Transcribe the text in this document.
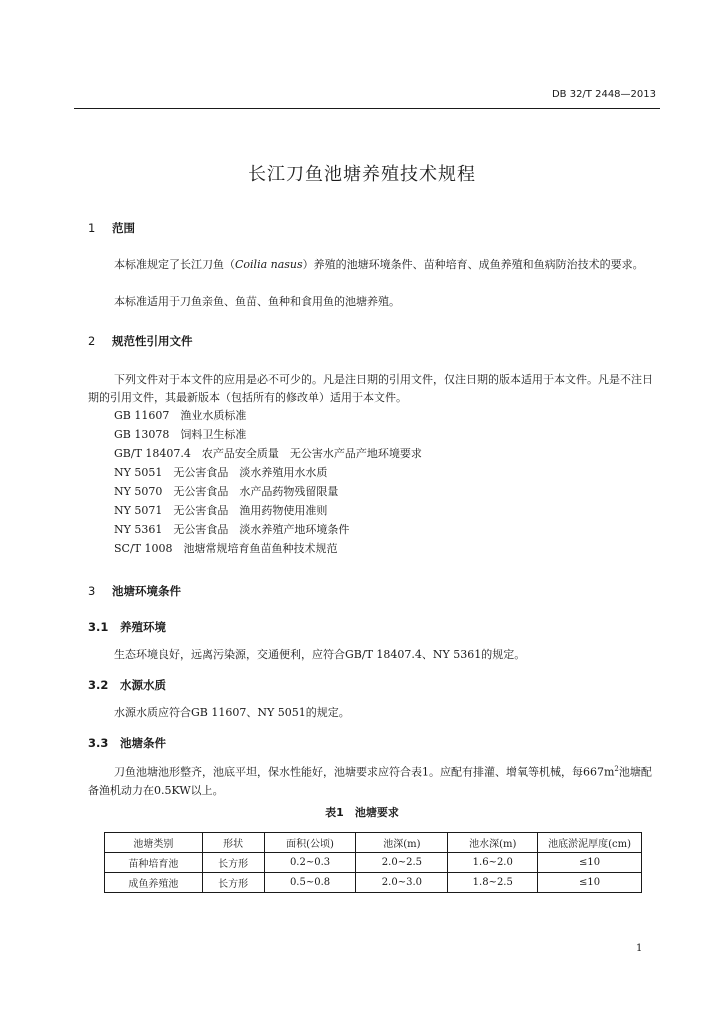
DB 32/T 2448—2013
长江刀鱼池塘养殖技术规程
1 范围
本标准规定了长江刀鱼（Coilia nasus）养殖的池塘环境条件、苗种培育、成鱼养殖和鱼病防治技术的要求。
本标准适用于刀鱼亲鱼、鱼苗、鱼种和食用鱼的池塘养殖。
2 规范性引用文件
下列文件对于本文件的应用是必不可少的。凡是注日期的引用文件，仅注日期的版本适用于本文件。凡是不注日期的引用文件，其最新版本（包括所有的修改单）适用于本文件。
GB 11607　渔业水质标准
GB 13078　饲料卫生标准
GB/T 18407.4　农产品安全质量　无公害水产品产地环境要求
NY 5051　无公害食品　淡水养殖用水水质
NY 5070　无公害食品　水产品药物残留限量
NY 5071　无公害食品　渔用药物使用准则
NY 5361　无公害食品　淡水养殖产地环境条件
SC/T 1008　池塘常规培育鱼苗鱼种技术规范
3 池塘环境条件
3.1 养殖环境
生态环境良好，远离污染源，交通便利，应符合GB/T 18407.4、NY 5361的规定。
3.2 水源水质
水源水质应符合GB 11607、NY 5051的规定。
3.3 池塘条件
刀鱼池塘池形整齐，池底平坦，保水性能好，池塘要求应符合表1。应配有排灌、增氧等机械，每$667m^2$池塘配备渔机动力在0.5KW以上。
表1　池塘要求
池塘类别	形状	面积(公顷)	池深(m)	池水深(m)	池底淤泥厚度(cm)
苗种培育池	长方形	0.2~0.3	2.0~2.5	1.6~2.0	≤10
成鱼养殖池	长方形	0.5~0.8	2.0~3.0	1.8~2.5	≤10
1
